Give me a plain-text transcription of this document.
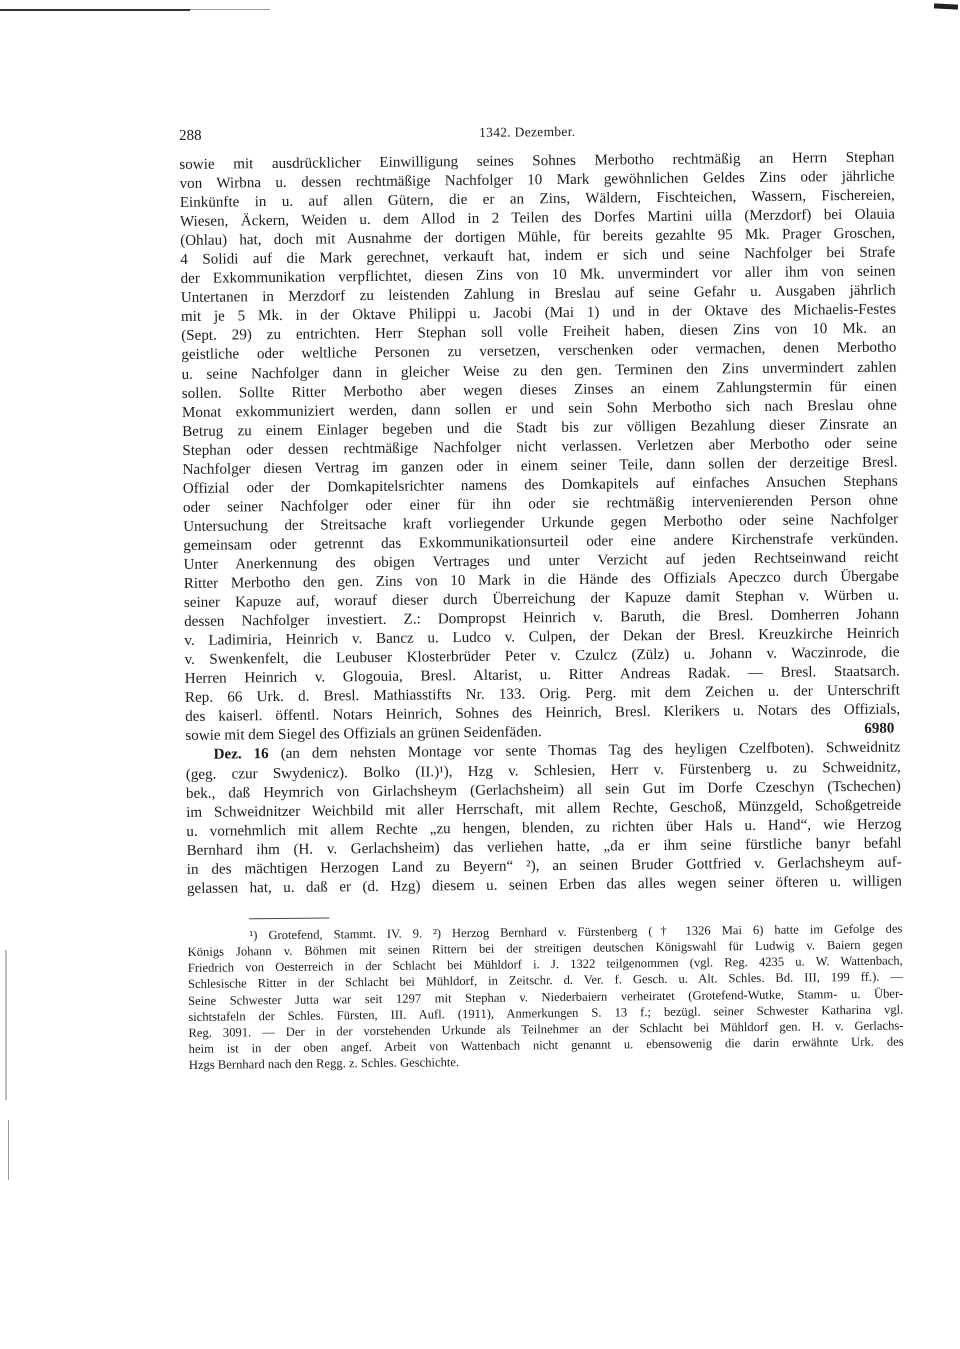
288	1342. Dezember.
sowie mit ausdrücklicher Einwilligung seines Sohnes Merbotho rechtmäßig an Herrn Stephan
von Wirbna u. dessen rechtmäßige Nachfolger 10 Mark gewöhnlichen Geldes Zins oder jährliche
Einkünfte in u. auf allen Gütern, die er an Zins, Wäldern, Fischteichen, Wassern, Fischereien,
Wiesen, Äckern, Weiden u. dem Allod in 2 Teilen des Dorfes Martini uilla (Merzdorf) bei Olauia
(Ohlau) hat, doch mit Ausnahme der dortigen Mühle, für bereits gezahlte 95 Mk. Prager Groschen,
4 Solidi auf die Mark gerechnet, verkauft hat, indem er sich und seine Nachfolger bei Strafe
der Exkommunikation verpflichtet, diesen Zins von 10 Mk. unvermindert vor aller ihm von seinen
Untertanen in Merzdorf zu leistenden Zahlung in Breslau auf seine Gefahr u. Ausgaben jährlich
mit je 5 Mk. in der Oktave Philippi u. Jacobi (Mai 1) und in der Oktave des Michaelis-Festes
(Sept. 29) zu entrichten. Herr Stephan soll volle Freiheit haben, diesen Zins von 10 Mk. an
geistliche oder weltliche Personen zu versetzen, verschenken oder vermachen, denen Merbotho
u. seine Nachfolger dann in gleicher Weise zu den gen. Terminen den Zins unvermindert zahlen
sollen. Sollte Ritter Merbotho aber wegen dieses Zinses an einem Zahlungstermin für einen
Monat exkommuniziert werden, dann sollen er und sein Sohn Merbotho sich nach Breslau ohne
Betrug zu einem Einlager begeben und die Stadt bis zur völligen Bezahlung dieser Zinsrate an
Stephan oder dessen rechtmäßige Nachfolger nicht verlassen. Verletzen aber Merbotho oder seine
Nachfolger diesen Vertrag im ganzen oder in einem seiner Teile, dann sollen der derzeitige Bresl.
Offizial oder der Domkapitelsrichter namens des Domkapitels auf einfaches Ansuchen Stephans
oder seiner Nachfolger oder einer für ihn oder sie rechtmäßig intervenierenden Person ohne
Untersuchung der Streitsache kraft vorliegender Urkunde gegen Merbotho oder seine Nachfolger
gemeinsam oder getrennt das Exkommunikationsurteil oder eine andere Kirchenstrafe verkünden.
Unter Anerkennung des obigen Vertrages und unter Verzicht auf jeden Rechtseinwand reicht
Ritter Merbotho den gen. Zins von 10 Mark in die Hände des Offizials Apeczco durch Übergabe
seiner Kapuze auf, worauf dieser durch Überreichung der Kapuze damit Stephan v. Würben u.
dessen Nachfolger investiert. Z.: Dompropst Heinrich v. Baruth, die Bresl. Domherren Johann
v. Ladimiria, Heinrich v. Bancz u. Ludco v. Culpen, der Dekan der Bresl. Kreuzkirche Heinrich
v. Swenkenfelt, die Leubuser Klosterbrüder Peter v. Czulcz (Zülz) u. Johann v. Waczinrode, die
Herren Heinrich v. Glogouia, Bresl. Altarist, u. Ritter Andreas Radak. — Bresl. Staatsarch.
Rep. 66 Urk. d. Bresl. Mathiasstifts Nr. 133. Orig. Perg. mit dem Zeichen u. der Unterschrift
des kaiserl. öffentl. Notars Heinrich, Sohnes des Heinrich, Bresl. Klerikers u. Notars des Offizials,
sowie mit dem Siegel des Offizials an grünen Seidenfäden.	6980
Dez. 16 (an dem nehsten Montage vor sente Thomas Tag des heyligen Czelfboten). Schweidnitz
(geg. czur Swydenicz). Bolko (II.)¹), Hzg v. Schlesien, Herr v. Fürstenberg u. zu Schweidnitz,
bek., daß Heymrich von Girlachsheym (Gerlachsheim) all sein Gut im Dorfe Czeschyn (Tschechen)
im Schweidnitzer Weichbild mit aller Herrschaft, mit allem Rechte, Geschoß, Münzgeld, Schoßgetreide
u. vornehmlich mit allem Rechte „zu hengen, blenden, zu richten über Hals u. Hand“, wie Herzog
Bernhard ihm (H. v. Gerlachsheim) das verliehen hatte, „da er ihm seine fürstliche banyr befahl
in des mächtigen Herzogen Land zu Beyern“ ²), an seinen Bruder Gottfried v. Gerlachsheym auf-
gelassen hat, u. daß er (d. Hzg) diesem u. seinen Erben das alles wegen seiner öfteren u. willigen
¹) Grotefend, Stammt. IV. 9. ²) Herzog Bernhard v. Fürstenberg († 1326 Mai 6) hatte im Gefolge des
Königs Johann v. Böhmen mit seinen Rittern bei der streitigen deutschen Königswahl für Ludwig v. Baiern gegen
Friedrich von Oesterreich in der Schlacht bei Mühldorf i. J. 1322 teilgenommen (vgl. Reg. 4235 u. W. Wattenbach,
Schlesische Ritter in der Schlacht bei Mühldorf, in Zeitschr. d. Ver. f. Gesch. u. Alt. Schles. Bd. III, 199 ff.). —
Seine Schwester Jutta war seit 1297 mit Stephan v. Niederbaiern verheiratet (Grotefend-Wutke, Stamm- u. Über-
sichtstafeln der Schles. Fürsten, III. Aufl. (1911), Anmerkungen S. 13 f.; bezügl. seiner Schwester Katharina vgl.
Reg. 3091. — Der in der vorstehenden Urkunde als Teilnehmer an der Schlacht bei Mühldorf gen. H. v. Gerlachs-
heim ist in der oben angef. Arbeit von Wattenbach nicht genannt u. ebensowenig die darin erwähnte Urk. des
Hzgs Bernhard nach den Regg. z. Schles. Geschichte.
